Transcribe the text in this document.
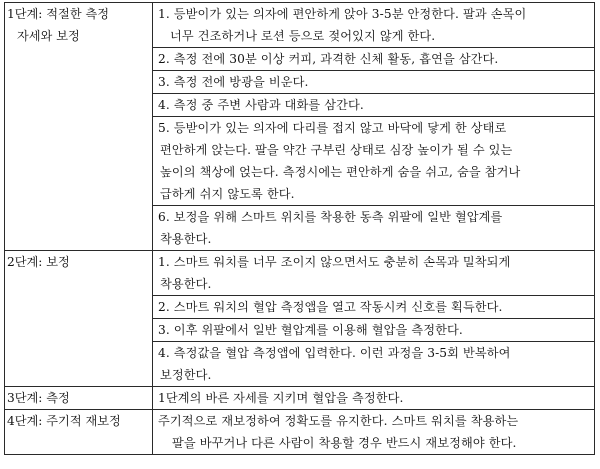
1단계: 적절한 측정
자세와 보정	1. 등받이가 있는 의자에 편안하게 앉아 3-5분 안정한다. 팔과 손목이
너무 건조하거나 로션 등으로 젖어있지 않게 한다.

	2. 측정 전에 30분 이상 커피, 과격한 신체 활동, 흡연을 삼간다.

	3. 측정 전에 방광을 비운다.

	4. 측정 중 주변 사람과 대화를 삼간다.

	5. 등받이가 있는 의자에 다리를 접지 않고 바닥에 닿게 한 상태로
편안하게 앉는다. 팔을 약간 구부린 상태로 심장 높이가 될 수 있는
높이의 책상에 얹는다. 측정시에는 편안하게 숨을 쉬고, 숨을 참거나
급하게 쉬지 않도록 한다.

	6. 보정을 위해 스마트 위치를 착용한 동측 위팔에 일반 혈압계를
착용한다.

2단계: 보정	1. 스마트 워치를 너무 조이지 않으면서도 충분히 손목과 밀착되게
착용한다.

	2. 스마트 워치의 혈압 측정앱을 열고 작동시켜 신호를 획득한다.

	3. 이후 위팔에서 일반 혈압계를 이용해 혈압을 측정한다.

	4. 측정값을 혈압 측정앱에 입력한다. 이런 과정을 3-5회 반복하여
보정한다.

3단계: 측정	1단계의 바른 자세를 지키며 혈압을 측정한다.

4단계: 주기적 재보정	주기적으로 재보정하여 정확도를 유지한다. 스마트 워치를 착용하는
팔을 바꾸거나 다른 사람이 착용할 경우 반드시 재보정해야 한다.
